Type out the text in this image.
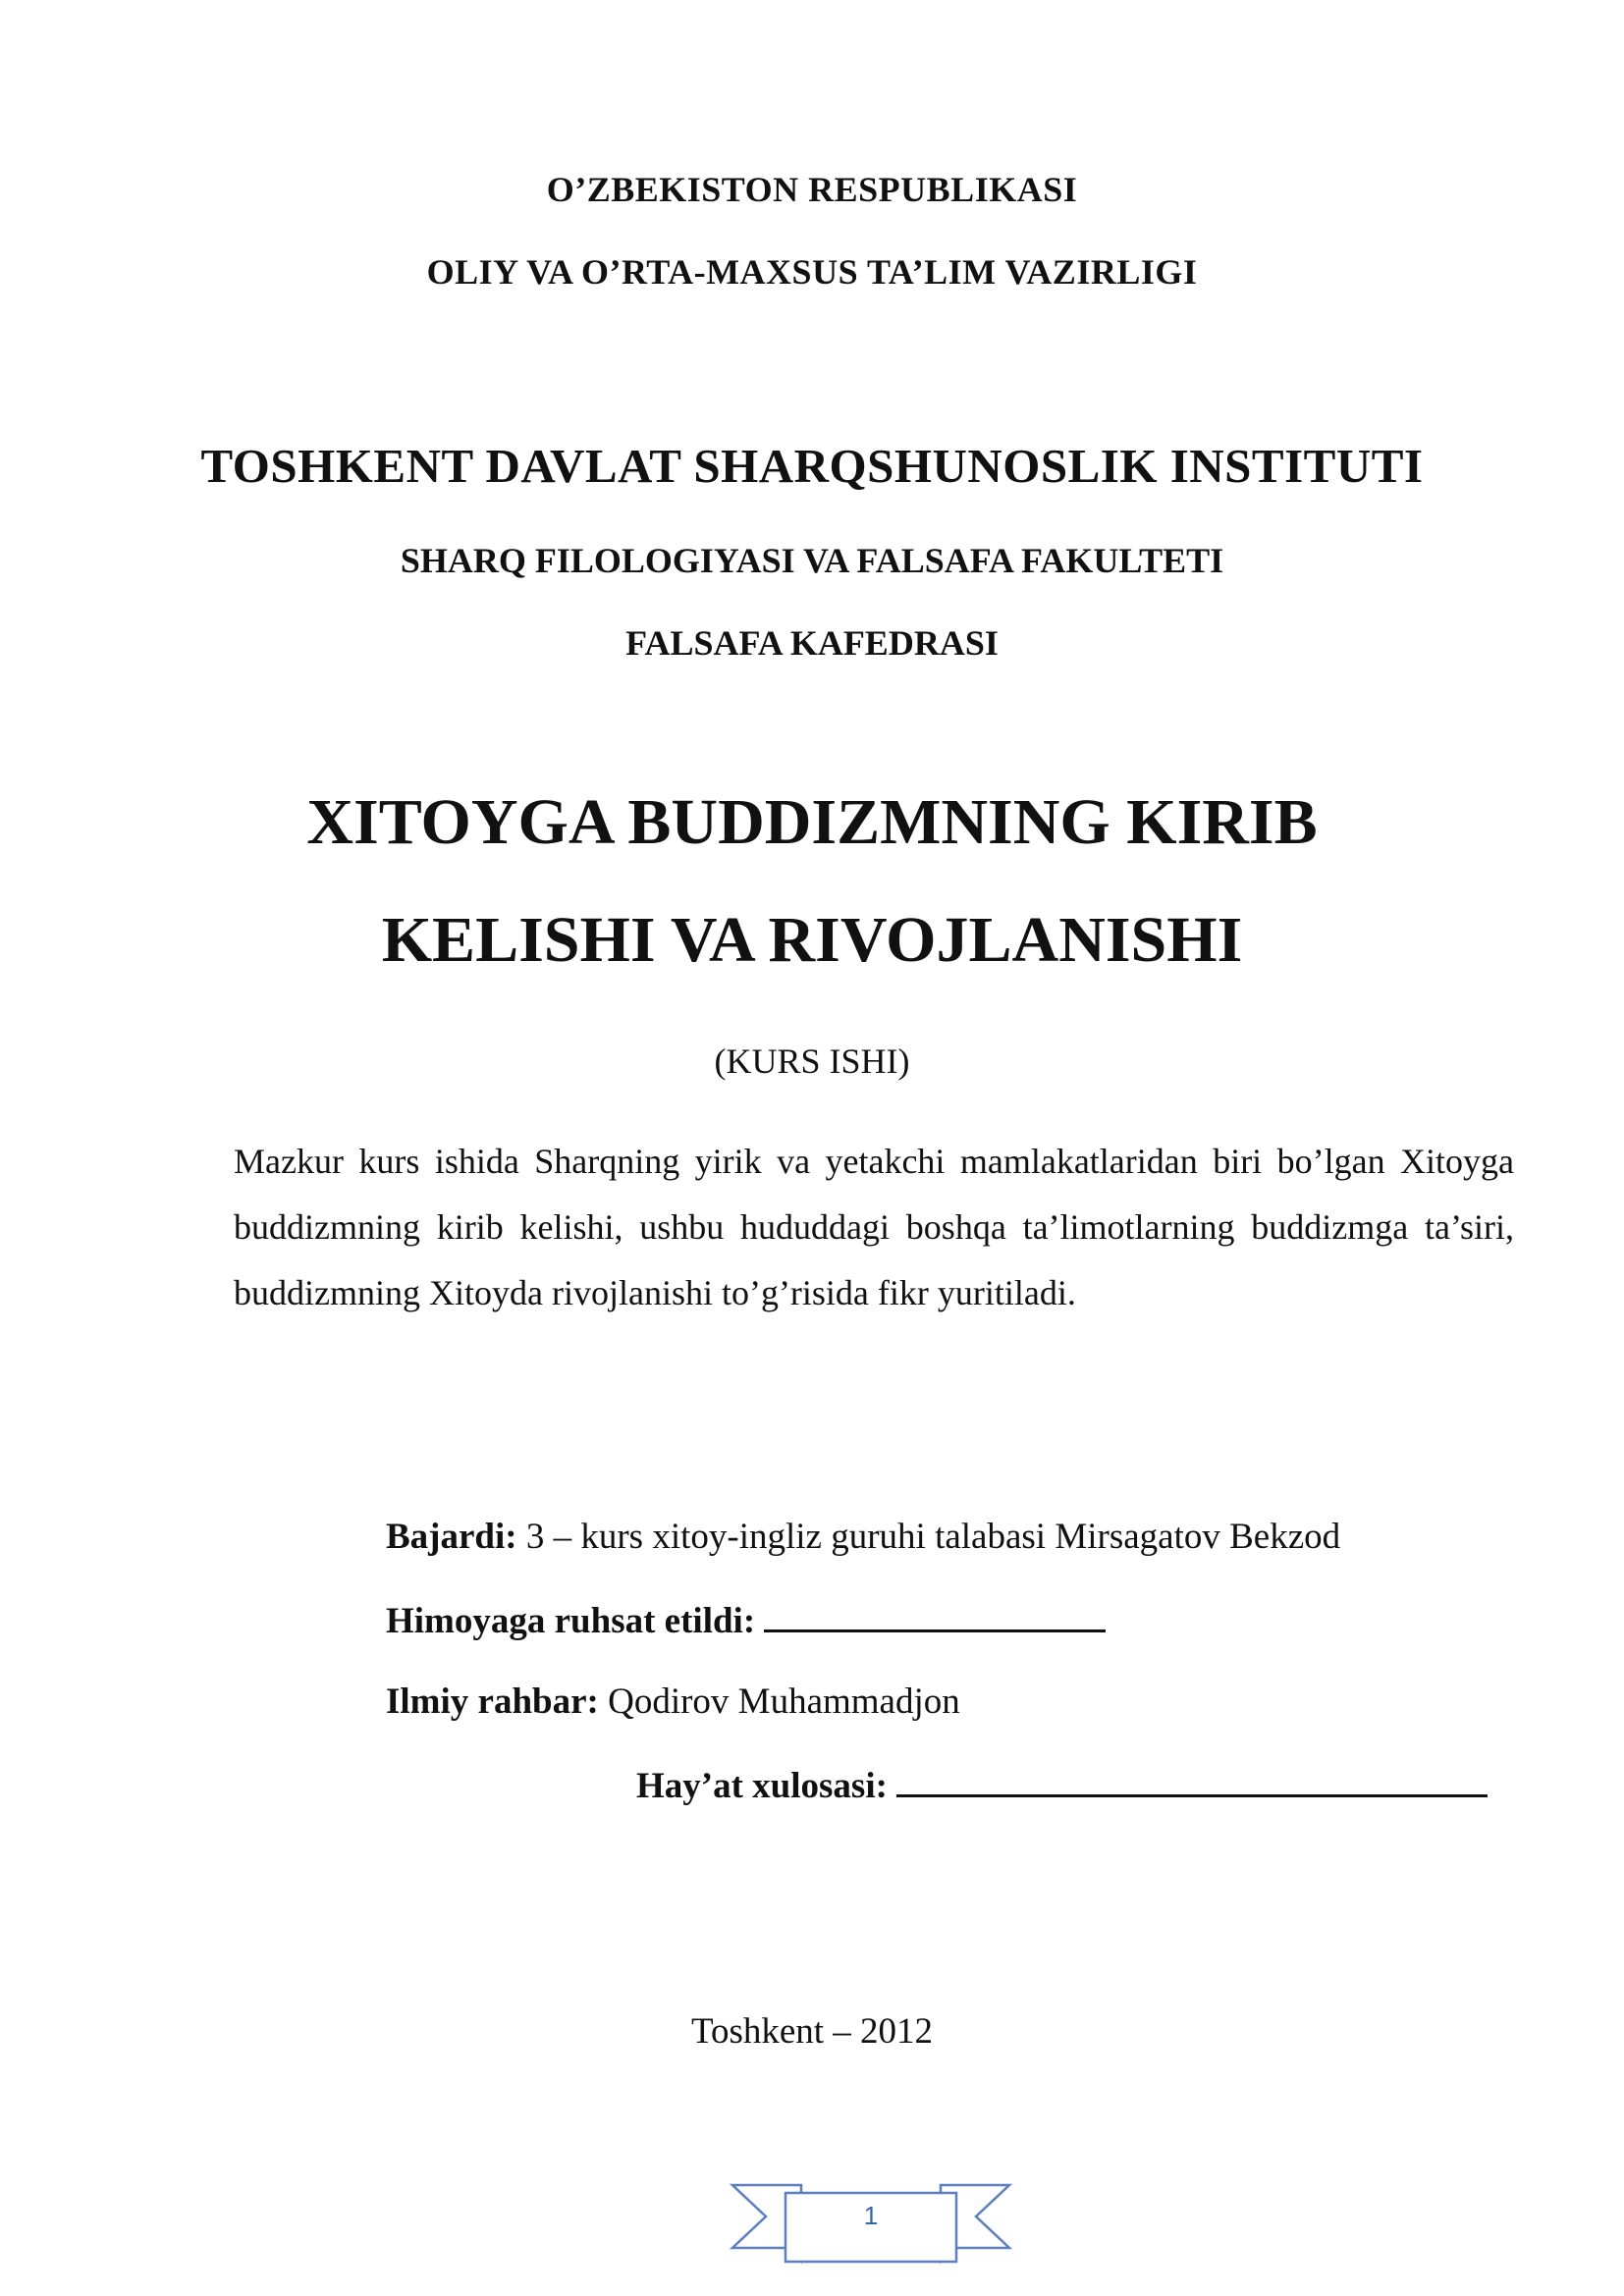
O’ZBEKISTON RESPUBLIKASI
OLIY VA O’RTA-MAXSUS TA’LIM VAZIRLIGI
TOSHKENT DAVLAT SHARQSHUNOSLIK INSTITUTI
SHARQ FILOLOGIYASI VA FALSAFA FAKULTETI
FALSAFA KAFEDRASI
XITOYGA BUDDIZMNING KIRIB
KELISHI VA RIVOJLANISHI
(KURS ISHI)
Mazkur kurs ishida Sharqning yirik va yetakchi mamlakatlaridan biri bo’lgan Xitoyga buddizmning kirib kelishi, ushbu hududdagi boshqa ta’limotlarning buddizmga ta’siri, buddizmning Xitoyda rivojlanishi to’g’risida fikr yuritiladi.
Bajardi: 3 – kurs xitoy-ingliz guruhi talabasi Mirsagatov Bekzod
Himoyaga ruhsat etildi:
Ilmiy rahbar: Qodirov Muhammadjon
Hay’at xulosasi:
Toshkent – 2012
1
